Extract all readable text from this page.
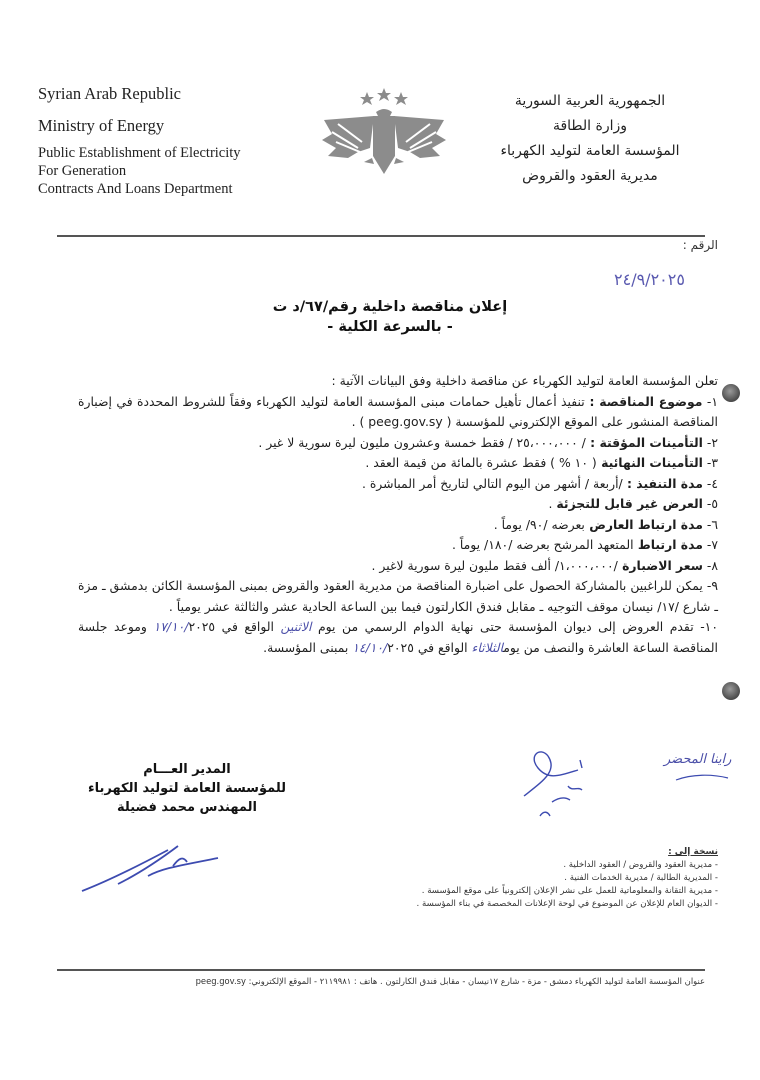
Syrian Arab Republic
Ministry of Energy
Public Establishment of Electricity
For Generation
Contracts And Loans Department
الجمهورية العربية السورية
وزارة الطاقة
المؤسسة العامة لتوليد الكهرباء
مديرية العقود والقروض
الرقم :
٢٤/٩/٢٠٢٥
إعلان مناقصة داخلية رقم/٦٧/د ت
- بالسرعة الكلية -

تعلن المؤسسة العامة لتوليد الكهرباء عن مناقصة داخلية وفق البيانات الآتية :

١- موضوع المناقصة : تنفيذ أعمال تأهيل حمامات مبنى المؤسسة العامة لتوليد الكهرباء وفقاً للشروط المحددة في إضبارة المناقصة المنشور على الموقع الإلكتروني للمؤسسة ( peeg.gov.sy ) .

٢- التأمينات المؤقتة : / ٢٥،٠٠٠،٠٠٠ / فقط خمسة وعشرون مليون ليرة سورية لا غير .

٣- التأمينات النهائية ( ١٠ % ) فقط عشرة بالمائة من قيمة العقد .

٤- مدة التنفيذ : /أربعة / أشهر من اليوم التالي لتاريخ أمر المباشرة .

٥- العرض غير قابل للتجزئة .

٦- مدة ارتباط العارض بعرضه /٩٠/ يوماً .

٧- مدة ارتباط المتعهد المرشح بعرضه /١٨٠/ يوماً .

٨- سعر الاضبارة /١،٠٠٠،٠٠٠/ ألف فقط مليون ليرة سورية لاغير .

٩- يمكن للراغبين بالمشاركة الحصول على اضبارة المناقصة من مديرية العقود والقروض بمبنى المؤسسة الكائن بدمشق ـ مزة ـ شارع /١٧/ نيسان موقف التوجيه ـ مقابل فندق الكارلتون فيما بين الساعة الحادية عشر والثالثة عشر يومياً .

١٠- تقدم العروض إلى ديوان المؤسسة حتى نهاية الدوام الرسمي من يوم الاثنين الواقع في ١٧/١٠/٢٠٢٥ وموعد جلسة المناقصة الساعة العاشرة والنصف من يومالثلاثاء الواقع في ١٤/١٠/٢٠٢٥ بمبنى المؤسسة.

المدير العـــام
للمؤسسة العامة لتوليد الكهرباء
المهندس محمد فضيلة
راينا المحضر
نسخة إلى :
- مديرية العقود والقروض / العقود الداخلية .
- المديرية الطالبة / مديرية الخدمات الفنية .
- مديرية التقانة والمعلوماتية للعمل على نشر الإعلان إلكترونياً على موقع المؤسسة .
- الديوان العام للإعلان عن الموضوع في لوحة الإعلانات المخصصة في بناء المؤسسة .
عنوان المؤسسة العامة لتوليد الكهرباء دمشق - مزة - شارع ١٧نيسان - مقابل فندق الكارلتون . هاتف : ٢١١٩٩٨١ - الموقع الإلكتروني: peeg.gov.sy
